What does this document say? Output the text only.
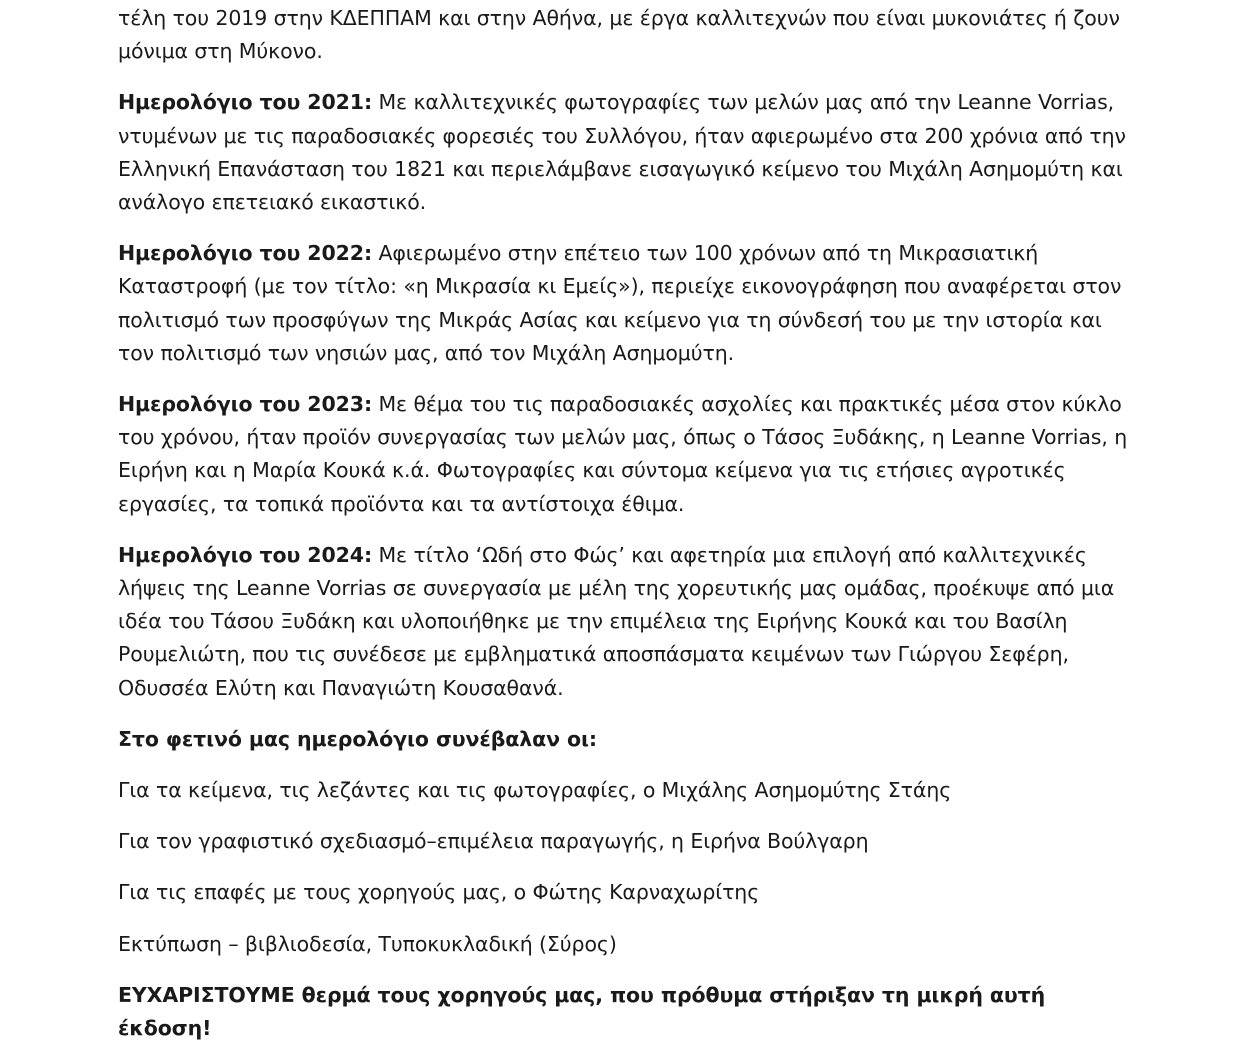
τέλη του 2019 στην ΚΔΕΠΠΑΜ και στην Αθήνα, με έργα καλλιτεχνών που είναι μυκονιάτες ή ζουν μόνιμα στη Μύκονο.

Ημερολόγιο του 2021: Με καλλιτεχνικές φωτογραφίες των μελών μας από την Leanne Vorrias, ντυμένων με τις παραδοσιακές φορεσιές του Συλλόγου, ήταν αφιερωμένο στα 200 χρόνια από την Ελληνική Επανάσταση του 1821 και περιελάμβανε εισαγωγικό κείμενο του Μιχάλη Ασημομύτη και ανάλογο επετειακό εικαστικό.

Ημερολόγιο του 2022: Αφιερωμένο στην επέτειο των 100 χρόνων από τη Μικρασιατική Καταστροφή (με τον τίτλο: «η Μικρασία κι Εμείς»), περιείχε εικονογράφηση που αναφέρεται στον πολιτισμό των προσφύγων της Μικράς Ασίας και κείμενο για τη σύνδεσή του με την ιστορία και τον πολιτισμό των νησιών μας, από τον Μιχάλη Ασημομύτη.

Ημερολόγιο του 2023: Με θέμα του τις παραδοσιακές ασχολίες και πρακτικές μέσα στον κύκλο του χρόνου, ήταν προϊόν συνεργασίας των μελών μας, όπως ο Τάσος Ξυδάκης, η Leanne Vorrias, η Ειρήνη και η Μαρία Κουκά κ.ά. Φωτογραφίες και σύντομα κείμενα για τις ετήσιες αγροτικές εργασίες, τα τοπικά προϊόντα και τα αντίστοιχα έθιμα.

Ημερολόγιο του 2024: Με τίτλο ‘Ωδή στο Φώς’ και αφετηρία μια επιλογή από καλλιτεχνικές λήψεις της Leanne Vorrias σε συνεργασία με μέλη της χορευτικής μας ομάδας, προέκυψε από μια ιδέα του Τάσου Ξυδάκη και υλοποιήθηκε με την επιμέλεια της Ειρήνης Κουκά και του Βασίλη Ρουμελιώτη, που τις συνέδεσε με εμβληματικά αποσπάσματα κειμένων των Γιώργου Σεφέρη, Οδυσσέα Ελύτη και Παναγιώτη Κουσαθανά.

Στο φετινό μας ημερολόγιο συνέβαλαν οι:

Για τα κείμενα, τις λεζάντες και τις φωτογραφίες, ο Μιχάλης Ασημομύτης Στάης

Για τον γραφιστικό σχεδιασμό–επιμέλεια παραγωγής, η Ειρήνα Βούλγαρη

Για τις επαφές με τους χορηγούς μας, ο Φώτης Καρναχωρίτης

Εκτύπωση – βιβλιοδεσία, Τυποκυκλαδική (Σύρος)

ΕΥΧΑΡΙΣΤΟΥΜΕ θερμά τους χορηγούς μας, που πρόθυμα στήριξαν τη μικρή αυτή έκδοση!
